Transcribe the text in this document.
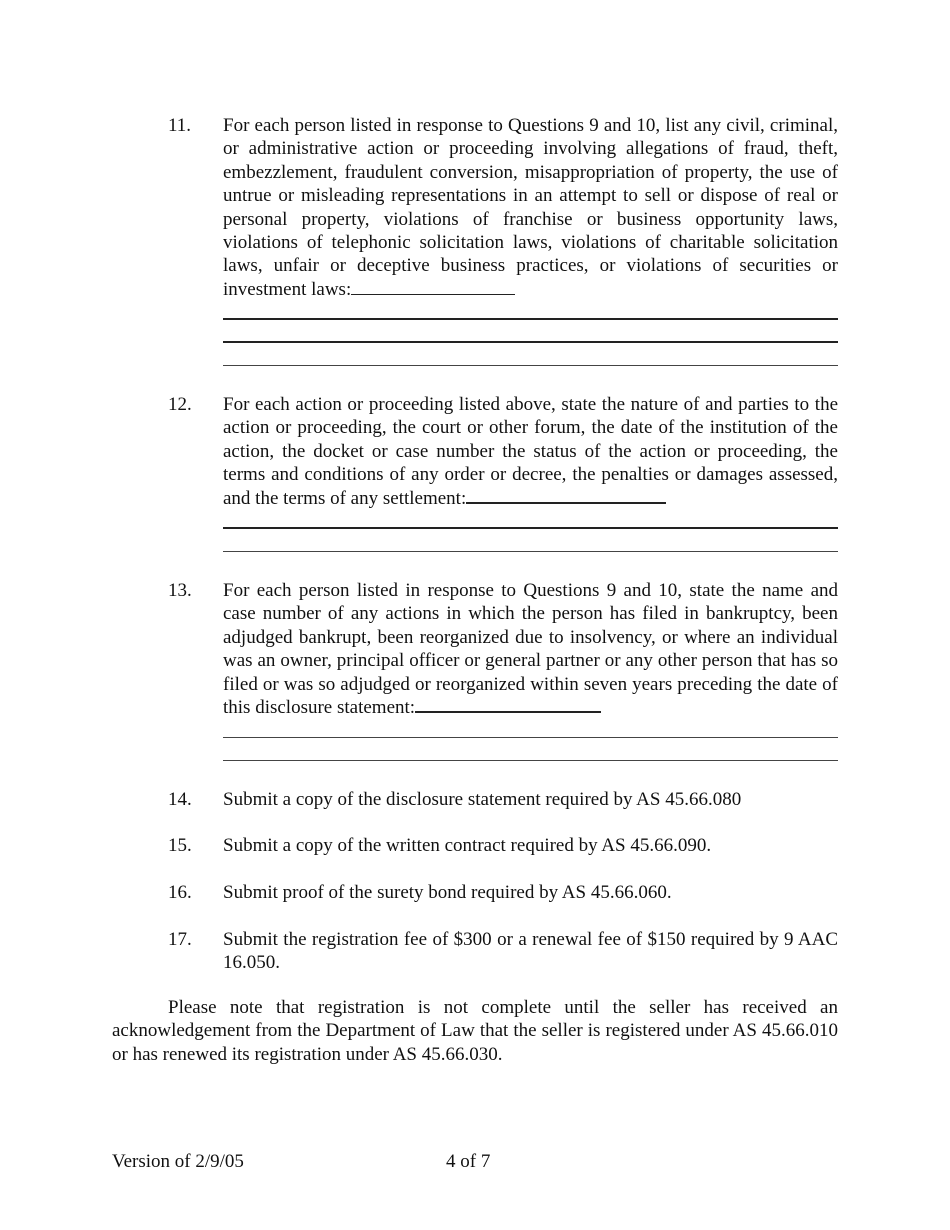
11.	For each person listed in response to Questions 9 and 10, list any civil, criminal, or administrative action or proceeding involving allegations of fraud, theft, embezzlement, fraudulent conversion, misappropriation of property, the use of untrue or misleading representations in an attempt to sell or dispose of real or personal property, violations of franchise or business opportunity laws, violations of telephonic solicitation laws, violations of charitable solicitation laws, unfair or deceptive business practices, or violations of securities or investment laws:
12.	For each action or proceeding listed above, state the nature of and parties to the action or proceeding, the court or other forum, the date of the institution of the action, the docket or case number the status of the action or proceeding, the terms and conditions of any order or decree, the penalties or damages assessed, and the terms of any settlement:
13.	For each person listed in response to Questions 9 and 10, state the name and case number of any actions in which the person has filed in bankruptcy, been adjudged bankrupt, been reorganized due to insolvency, or where an individual was an owner, principal officer or general partner or any other person that has so filed or was so adjudged or reorganized within seven years preceding the date of this disclosure statement:
14.	Submit a copy of the disclosure statement required by AS 45.66.080
15.	Submit a copy of the written contract required by AS 45.66.090.
16.	Submit proof of the surety bond required by AS 45.66.060.
17.	Submit the registration fee of $300 or a renewal fee of $150 required by 9 AAC 16.050.
Please note that registration is not complete until the seller has received an acknowledgement from the Department of Law that the seller is registered under AS 45.66.010 or has renewed its registration under AS 45.66.030.
Version of 2/9/05	4 of 7
